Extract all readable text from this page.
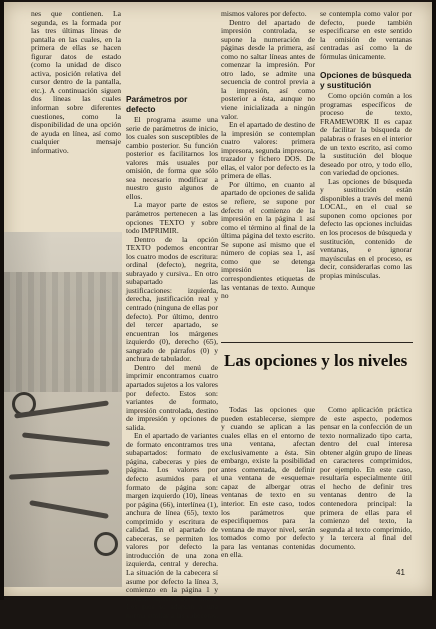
nes que contienen. La segunda, es la formada por las tres últimas líneas de pantalla en las cuales, en la primera de ellas se hacen figurar datos de estado (como la unidad de disco activa, posición relativa del cursor dentro de la pantalla, etc.). A continuación siguen dos líneas las cuales informan sobre diferentes cuestiones, como la disponibilidad de una opción de ayuda en línea, así como cualquier mensaje informativo.

Parámetros por defecto

El programa asume una serie de parámetros de inicio, los cuales son susceptibles de cambio posterior. Su función posterior es facilitarnos los valores más usuales por omisión, de forma que sólo sea necesario modificar a nuestro gusto algunos de ellos.

La mayor parte de estos parámetros pertenecen a las opciones TEXTO y sobre todo IMPRIMIR.

Dentro de la opción TEXTO podemos encontrar los cuatro modos de escritura: ordinal (defecto), negrita, subrayado y cursiva.. En otro subapartado las justificaciones: izquierda, derecha, justificación real y centrado (ninguna de ellas por defecto). Por último, dentro del tercer apartado, se encuentran los márgenes izquierdo (0), derecho (65), sangrado de párrafos (0) y anchura de tabulador.

Dentro del menú de imprimir encontramos cuatro apartados sujetos a los valores por defecto. Estos son: variantes de formato, impresión controlada, destino de impresión y opciones de salida.

En el apartado de variantes de formato encontramos tres subapartados: formato de página, cabeceras y pies de página. Los valores por defecto asumidos para el formato de página son: margen izquierdo (10), líneas por página (66), interlínea (1), anchura de línea (65), texto comprimido y escritura de calidad. En el apartado de cabeceras, se permiten los valores por defecto la introducción de una zona izquierda, central y derecha. La situación de la cabecera sí asume por defecto la línea 3, comienzo en la página 1 y margen superior de 6 líneas. Los pies se adaptan a una norma similar a las cabeceras, contando con los

mismos valores por defecto.

Dentro del apartado de impresión controlada, se supone la numeración de páginas desde la primera, así como no saltar líneas antes de comenzar la impresión. Por otro lado, se admite una secuencia de control previa a la impresión, así como posterior a ésta, aunque no viene inicializada a ningún valor.

En el apartado de destino de la impresión se contemplan cuatro valores: primera impresora, segunda impresora, trazador y fichero DOS. De ellas, el valor por defecto es la primera de ellas.

Por último, en cuanto al apartado de opciones de salida se refiere, se supone por defecto el comienzo de la impresión en la página 1 así como el término al final de la última página del texto escrito. Se supone así mismo que el número de copias sea 1, así como que se detenga impresión las correspondientes etiquetas de las ventanas de texto. Aunque no

se contempla como valor por defecto, puede también especificarse en este sentido la omisión de ventanas centradas así como la de fórmulas únicamente.

Opciones de búsqueda y sustitución

Como opción común a los programas específicos de proceso de texto, FRAMEWORK II es capaz de facilitar la búsqueda de palabras o frases en el interior de un texto escrito, así como la sustitución del bloque deseado por otro, y todo ello, con variedad de opciones.

Las opciones de búsqueda y sustitución están disponibles a través del menú LOCAL, en el cual se suponen como opciones por defecto las opciones incluidas en los procesos de búsqueda y sustitución, contenido de ventanas, e ignorar mayúsculas en el proceso, es decir, considerarlas como las propias minúsculas.

Las opciones y los niveles

Todas las opciones que pueden establecerse, siempre y cuando se aplican a las cuales ellas en el entorno de una ventana, afectan exclusivamente a ésta. Sin embargo, existe la posibilidad antes comentada, de definir una ventana de «esquema» capaz de albergar otras ventanas de texto en su interior. En este caso, todos los parámetros que especifiquemos para la ventana de mayor nivel, serán tomados como por defecto para las ventanas contenidas en ella.

Como aplicación práctica de este aspecto, podemos pensar en la confección de un texto normalizado tipo carta, dentro del cual interesa obtener algún grupo de líneas en caracteres comprimidos, por ejemplo. En este caso, resultaría especialmente útil el hecho de definir tres ventanas dentro de la contenedora principal: la primera de ellas para el comienzo del texto, la segunda al texto comprimido, y la tercera al final del documento.

41
